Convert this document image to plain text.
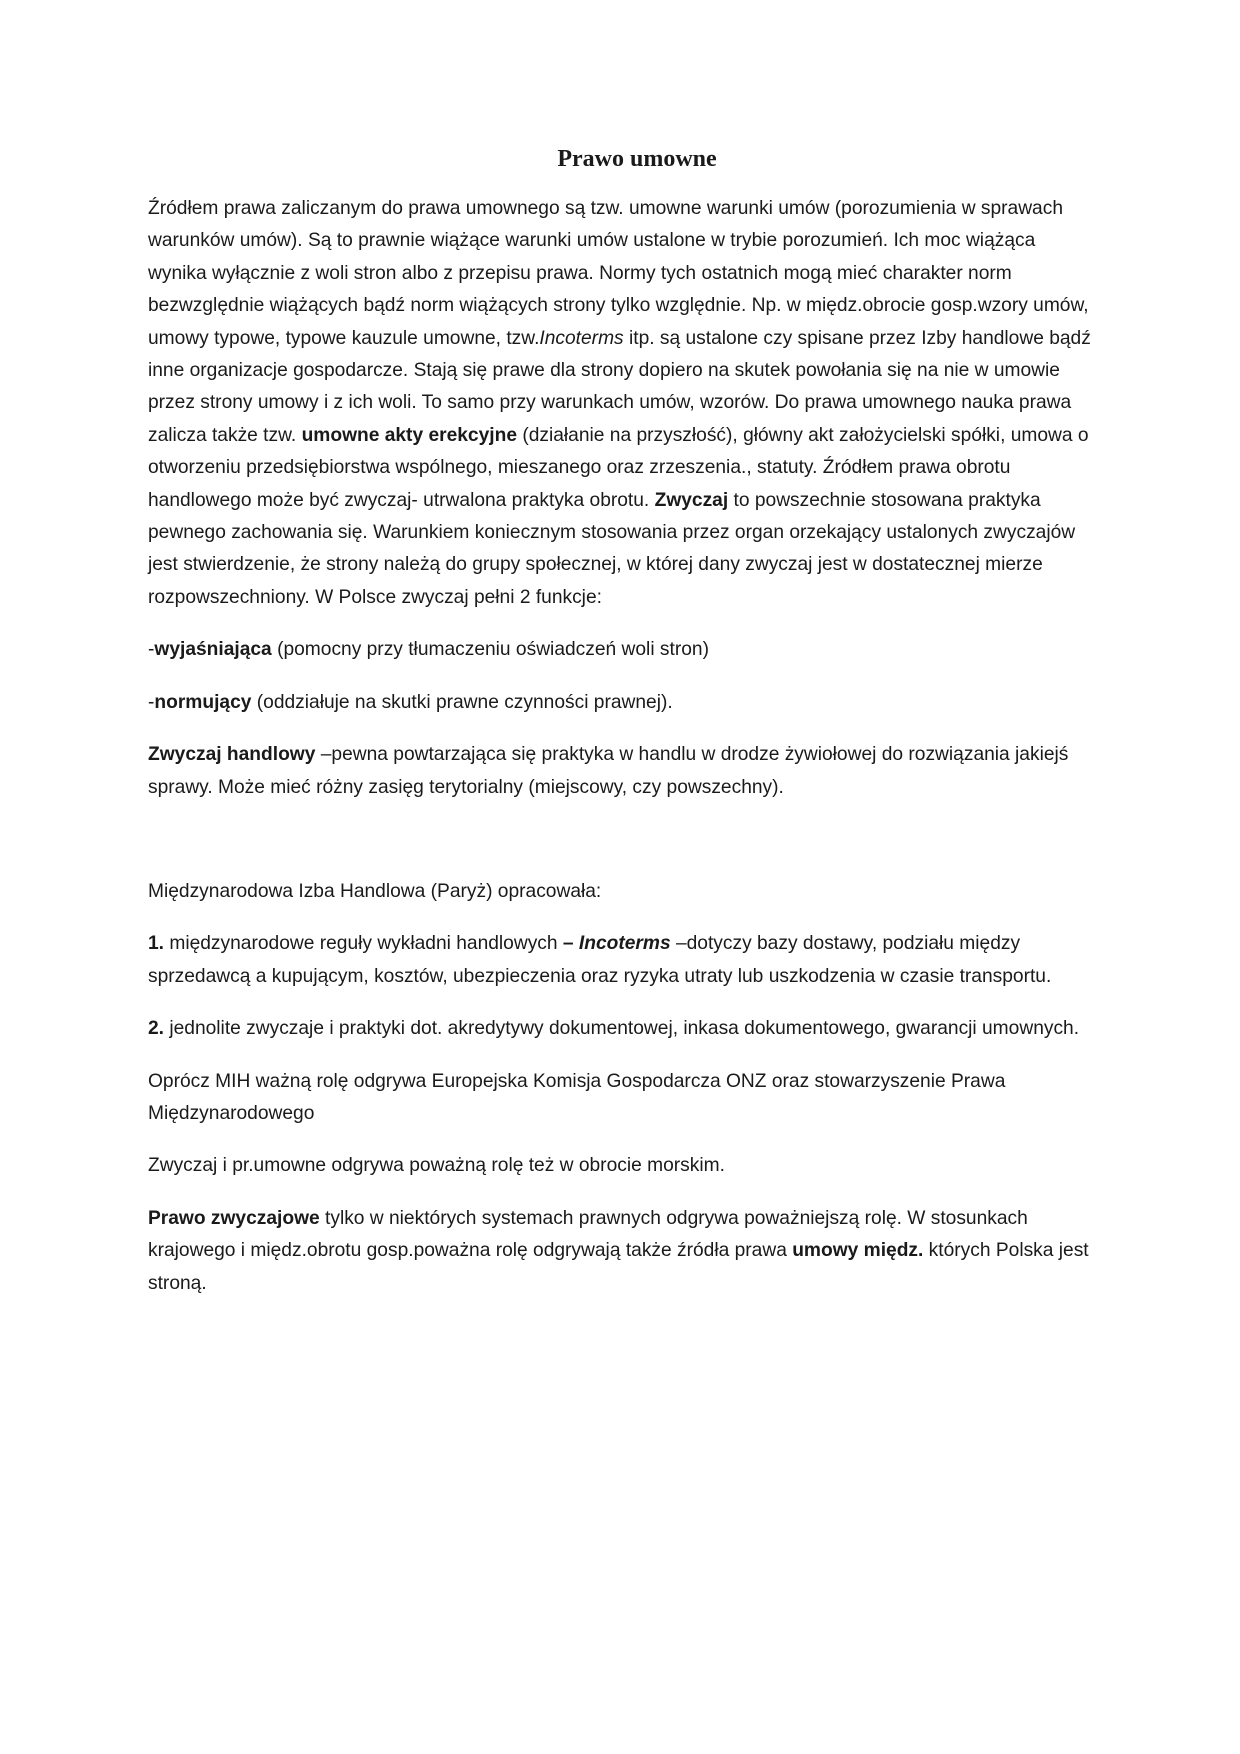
Prawo umowne

Źródłem prawa zaliczanym do prawa umownego są tzw. umowne warunki umów (porozumienia w sprawach warunków umów). Są to prawnie wiążące warunki umów ustalone w trybie porozumień. Ich moc wiążąca wynika wyłącznie z woli stron albo z przepisu prawa. Normy tych ostatnich mogą mieć charakter norm bezwzględnie wiążących bądź norm wiążących strony tylko względnie. Np. w międz.obrocie gosp.wzory umów, umowy typowe, typowe kauzule umowne, tzw.Incoterms itp. są ustalone czy spisane przez Izby handlowe bądź inne organizacje gospodarcze. Stają się prawe dla strony dopiero na skutek powołania się na nie w umowie przez strony umowy i z ich woli. To samo przy warunkach umów, wzorów. Do prawa umownego nauka prawa zalicza także tzw. umowne akty erekcyjne (działanie na przyszłość), główny akt założycielski spółki, umowa o otworzeniu przedsiębiorstwa wspólnego, mieszanego oraz zrzeszenia., statuty. Źródłem prawa obrotu handlowego może być zwyczaj- utrwalona praktyka obrotu. Zwyczaj to powszechnie stosowana praktyka pewnego zachowania się. Warunkiem koniecznym stosowania przez organ orzekający ustalonych zwyczajów jest stwierdzenie, że strony należą do grupy społecznej, w której dany zwyczaj jest w dostatecznej mierze rozpowszechniony. W Polsce zwyczaj pełni 2 funkcje:

-wyjaśniająca (pomocny przy tłumaczeniu oświadczeń woli stron)

-normujący (oddziałuje na skutki prawne czynności prawnej).

Zwyczaj handlowy –pewna powtarzająca się praktyka w handlu w drodze żywiołowej do rozwiązania jakiejś sprawy. Może mieć różny zasięg terytorialny (miejscowy, czy powszechny).

Międzynarodowa Izba Handlowa (Paryż) opracowała:

1. międzynarodowe reguły wykładni handlowych – Incoterms –dotyczy bazy dostawy, podziału między sprzedawcą a kupującym, kosztów, ubezpieczenia oraz ryzyka utraty lub uszkodzenia w czasie transportu.

2. jednolite zwyczaje i praktyki dot. akredytywy dokumentowej, inkasa dokumentowego, gwarancji umownych.

Oprócz MIH ważną rolę odgrywa Europejska Komisja Gospodarcza ONZ oraz stowarzyszenie Prawa Międzynarodowego

Zwyczaj i pr.umowne odgrywa poważną rolę też w obrocie morskim.

Prawo zwyczajowe tylko w niektórych systemach prawnych odgrywa poważniejszą rolę. W stosunkach krajowego i międz.obrotu gosp.poważna rolę odgrywają także źródła prawa umowy międz. których Polska jest stroną.
